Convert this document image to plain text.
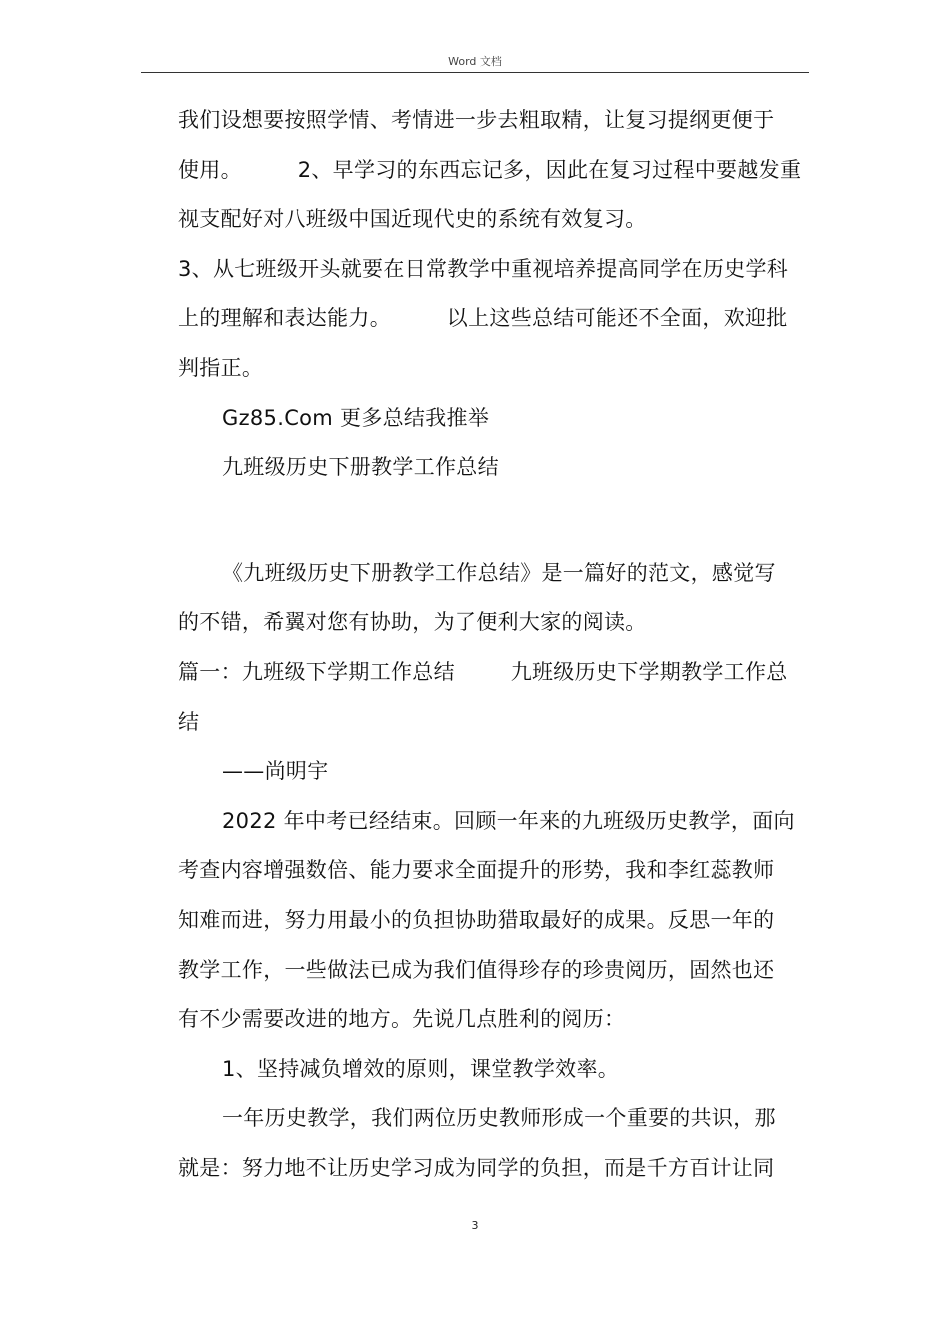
Word 文档
我们设想要按照学情、考情进一步去粗取精，让复习提纲更便于
使用。        2、早学习的东西忘记多，因此在复习过程中要越发重
视支配好对八班级中国近现代史的系统有效复习。
3、从七班级开头就要在日常教学中重视培养提高同学在历史学科
上的理解和表达能力。        以上这些总结可能还不全面，欢迎批
判指正。
Gz85.Com 更多总结我推举
九班级历史下册教学工作总结
《九班级历史下册教学工作总结》是一篇好的范文，感觉写
的不错，希翼对您有协助，为了便利大家的阅读。
篇一：九班级下学期工作总结        九班级历史下学期教学工作总
结
——尚明宇
2022 年中考已经结束。回顾一年来的九班级历史教学，面向
考查内容增强数倍、能力要求全面提升的形势，我和李红蕊教师
知难而进，努力用最小的负担协助猎取最好的成果。反思一年的
教学工作，一些做法已成为我们值得珍存的珍贵阅历，固然也还
有不少需要改进的地方。先说几点胜利的阅历：
1、坚持减负增效的原则，课堂教学效率。
一年历史教学，我们两位历史教师形成一个重要的共识，那
就是：努力地不让历史学习成为同学的负担，而是千方百计让同
3
